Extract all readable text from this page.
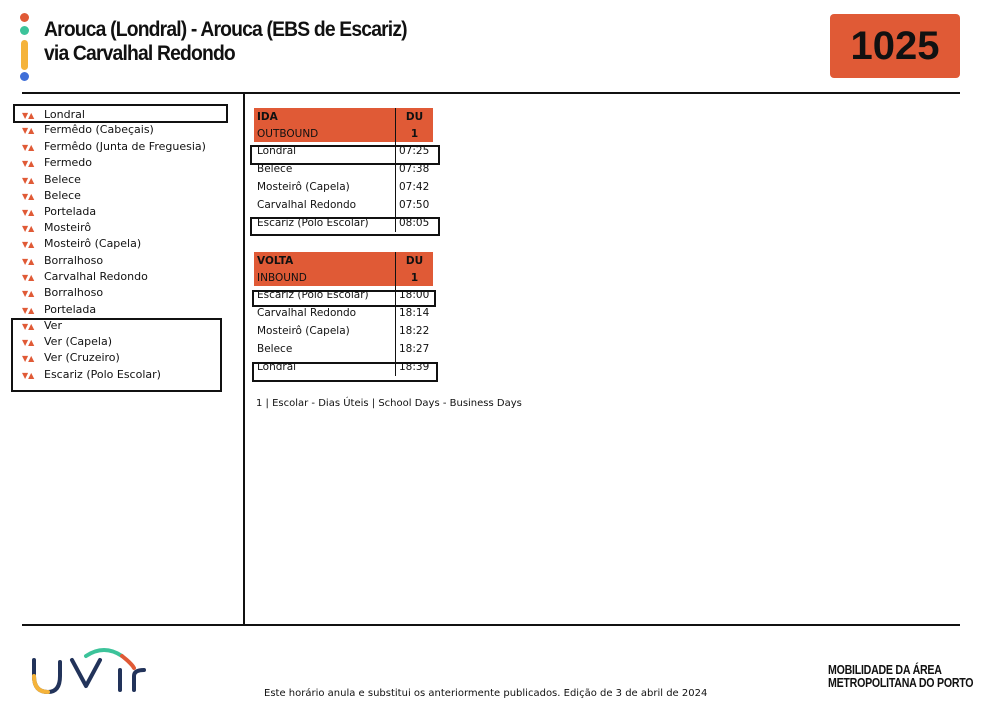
Arouca (Londral) - Arouca (EBS de Escariz)
via Carvalhal Redondo	1025
▼▲ Londral
▼▲ Fermêdo (Cabeçais)
▼▲ Fermêdo (Junta de Freguesia)
▼▲ Fermedo
▼▲ Belece
▼▲ Belece
▼▲ Portelada
▼▲ Mosteirô
▼▲ Mosteirô (Capela)
▼▲ Borralhoso
▼▲ Carvalhal Redondo
▼▲ Borralhoso
▼▲ Portelada
▼▲ Ver
▼▲ Ver (Capela)
▼▲ Ver (Cruzeiro)
▼▲ Escariz (Polo Escolar)
IDA	DU
OUTBOUND	1
Londral	07:25
Belece	07:38
Mosteirô (Capela)	07:42
Carvalhal Redondo	07:50
Escariz (Polo Escolar)	08:05
VOLTA	DU
INBOUND	1
Escariz (Polo Escolar)	18:00
Carvalhal Redondo	18:14
Mosteirô (Capela)	18:22
Belece	18:27
Londral	18:39
1 | Escolar - Dias Úteis | School Days - Business Days
Este horário anula e substitui os anteriormente publicados. Edição de 3 de abril de 2024
MOBILIDADE DA ÁREA
METROPOLITANA DO PORTO
